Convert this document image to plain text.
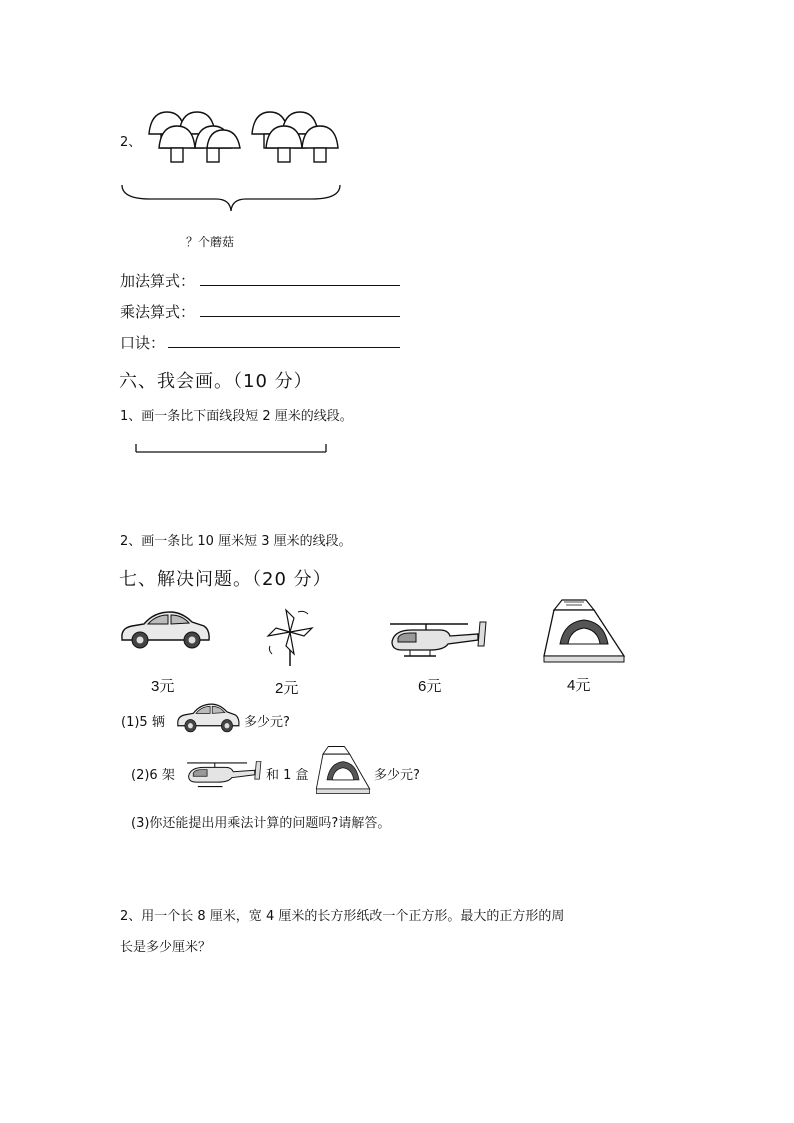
2、
？个蘑菇
加法算式：
乘法算式：
口诀：
六、我会画。（10 分）
1、画一条比下面线段短 2 厘米的线段。
2、画一条比 10 厘米短 3 厘米的线段。
七、解决问题。（20 分）
3元	2元	6元	4元
(1)5 辆	多少元?
(2)6 架	和 1 盒	多少元?
(3)你还能提出用乘法计算的问题吗?请解答。
2、用一个长 8 厘米，宽 4 厘米的长方形纸改一个正方形。最大的正方形的周
长是多少厘米？
